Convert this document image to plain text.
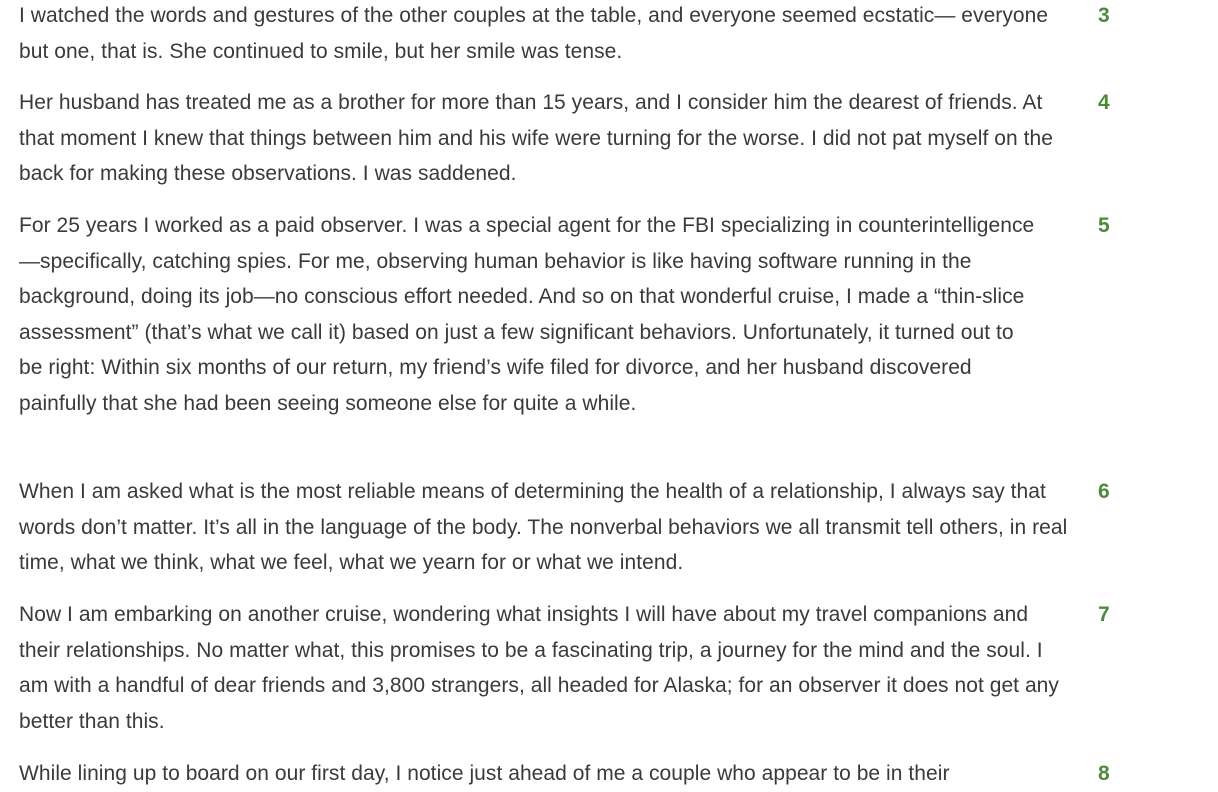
I watched the words and gestures of the other couples at the table, and everyone seemed ecstatic— everyone but one, that is. She continued to smile, but her smile was tense.

3

Her husband has treated me as a brother for more than 15 years, and I consider him the dearest of friends. At that moment I knew that things between him and his wife were turning for the worse. I did not pat myself on the back for making these observations. I was saddened.

4

For 25 years I worked as a paid observer. I was a special agent for the FBI specializing in counterintelligence—specifically, catching spies. For me, observing human behavior is like having software running in the background, doing its job—no conscious effort needed. And so on that wonderful cruise, I made a “thin-slice assessment” (that’s what we call it) based on just a few significant behaviors. Unfortunately, it turned out to be right: Within six months of our return, my friend’s wife filed for divorce, and her husband discovered painfully that she had been seeing someone else for quite a while.

5

When I am asked what is the most reliable means of determining the health of a relationship, I always say that words don’t matter. It’s all in the language of the body. The nonverbal behaviors we all transmit tell others, in real time, what we think, what we feel, what we yearn for or what we intend.

6

Now I am embarking on another cruise, wondering what insights I will have about my travel companions and their relationships. No matter what, this promises to be a fascinating trip, a journey for the mind and the soul. I am with a handful of dear friends and 3,800 strangers, all headed for Alaska; for an observer it does not get any better than this.

7

While lining up to board on our first day, I notice just ahead of me a couple who appear to be in their	8
